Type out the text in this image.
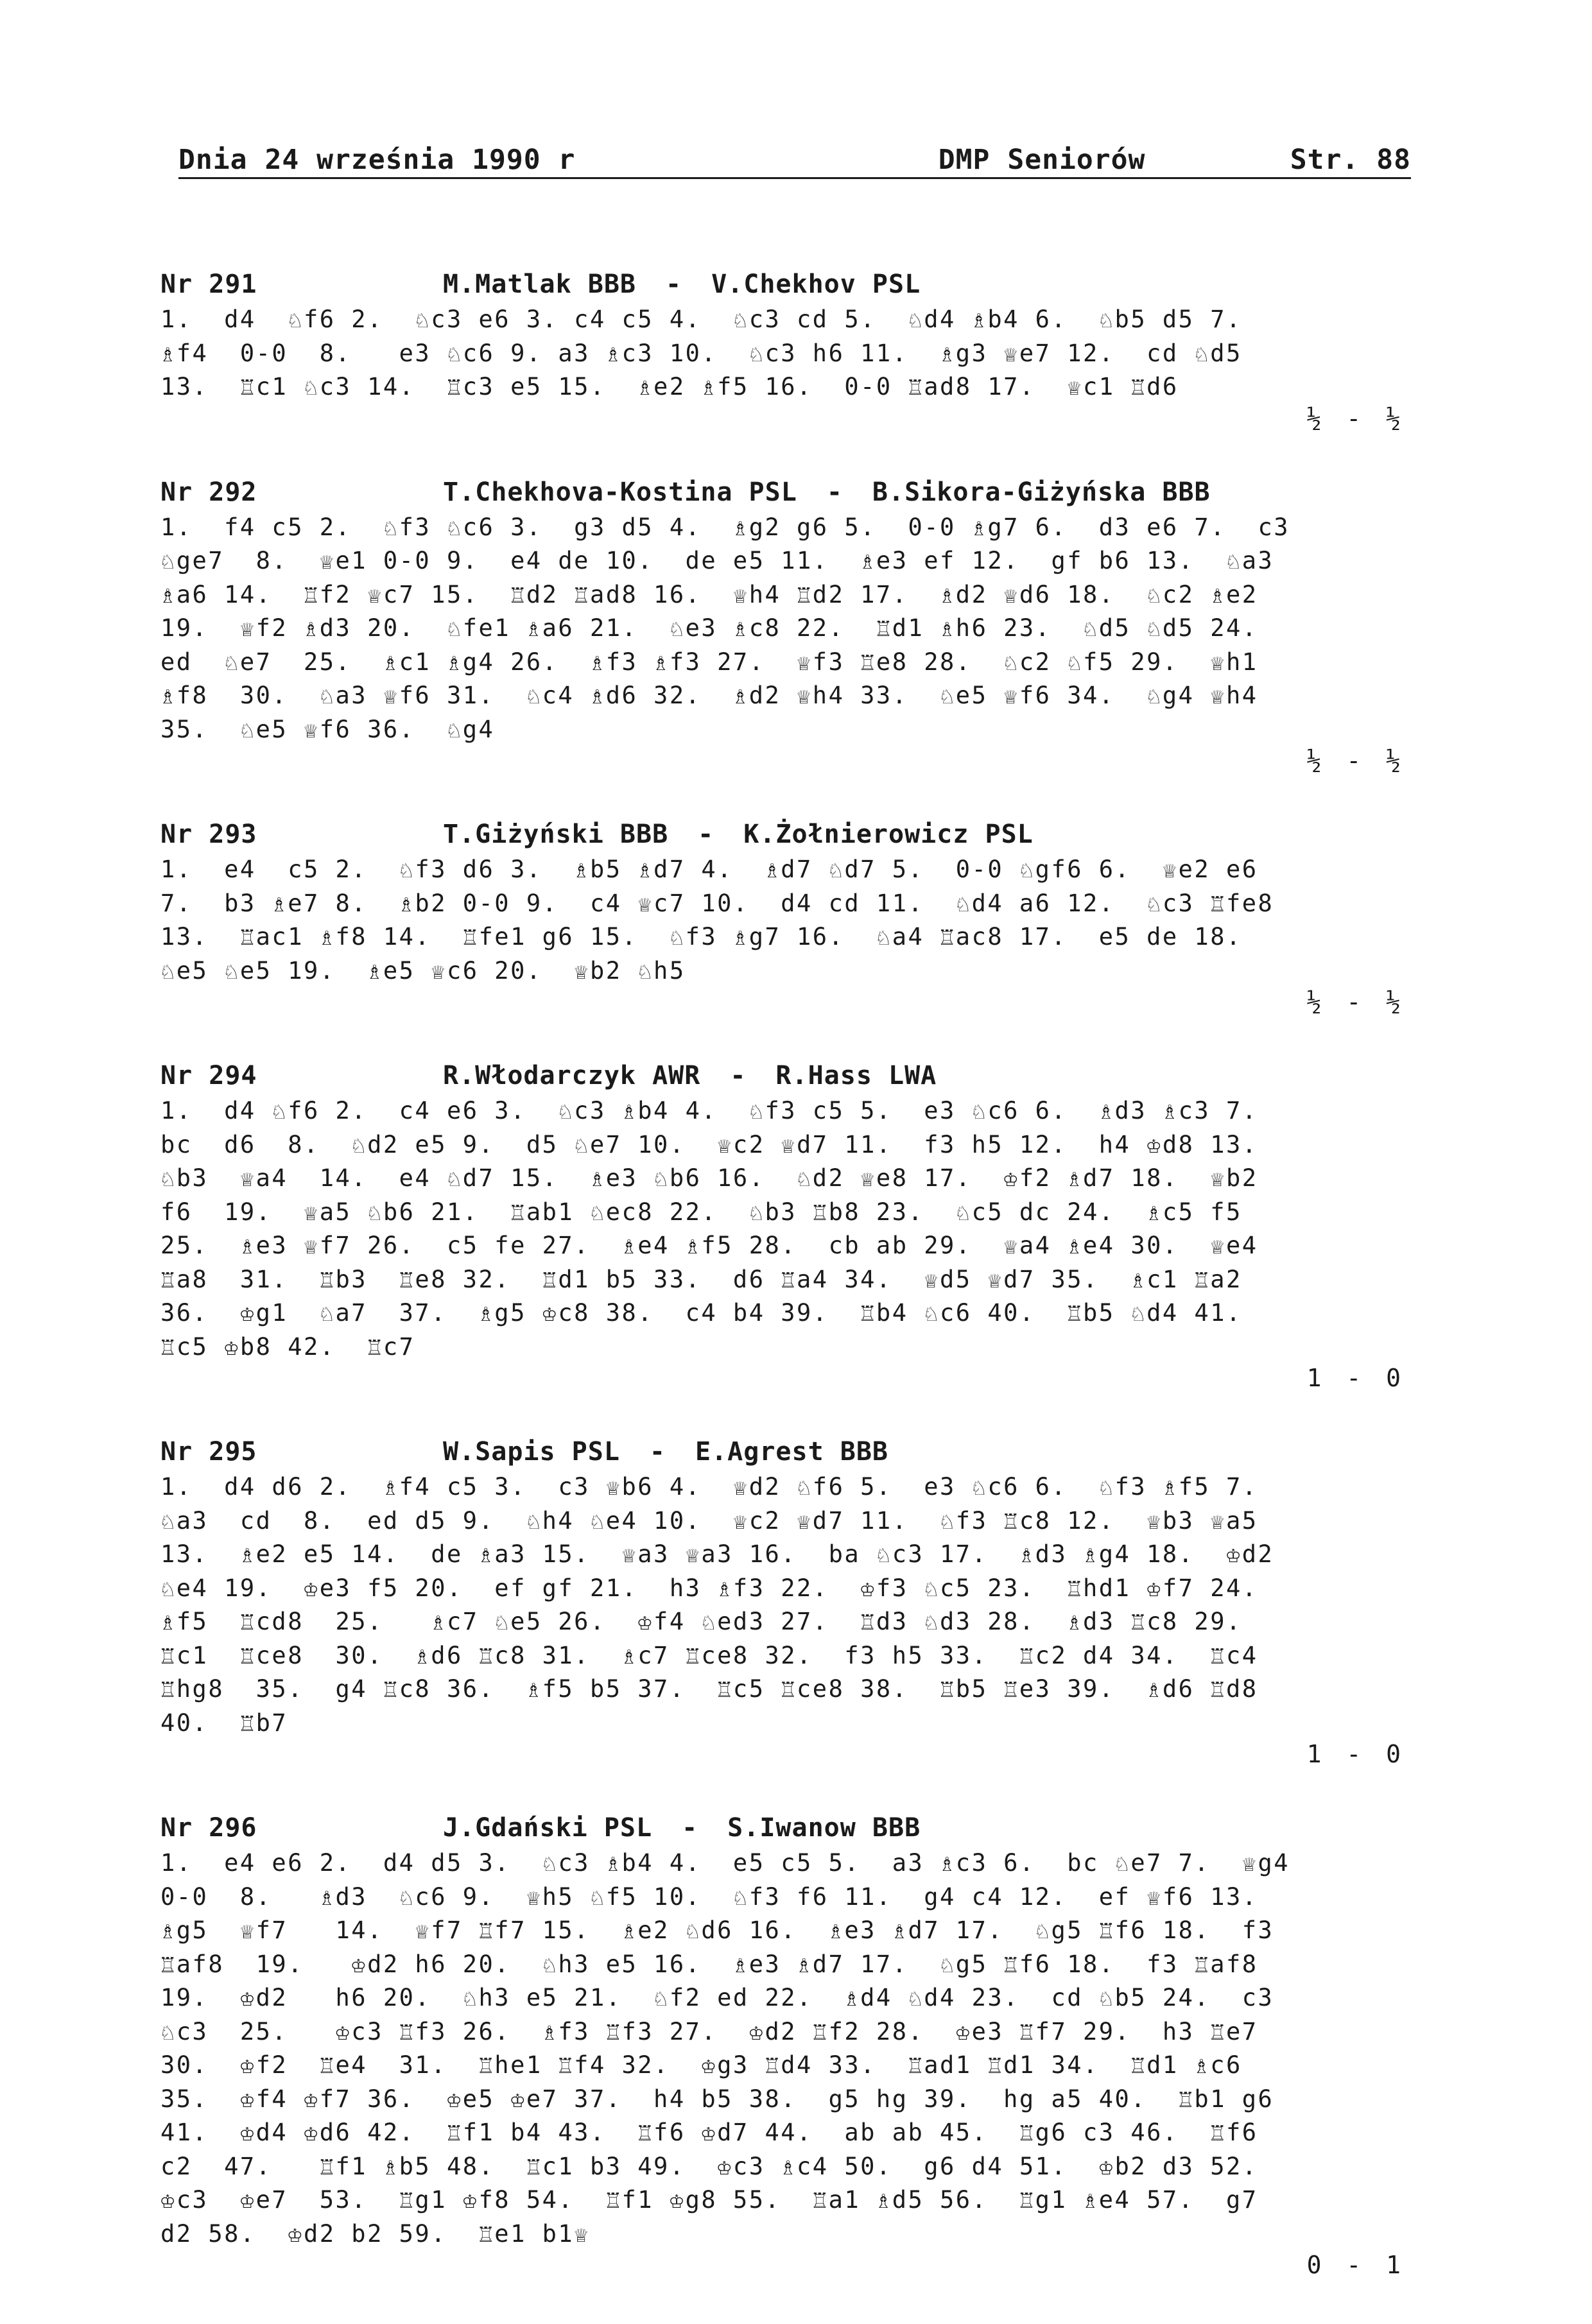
Dnia 24 września 1990 r	DMP Seniorów	Str. 88
Nr 291	M.Matlak BBB - V.Chekhov PSL
1.  d4  ♘f6 2.  ♘c3 e6 3. c4 c5 4.  ♘c3 cd 5.  ♘d4 ♗b4 6.  ♘b5 d5 7.
♗f4  0-0  8.   e3 ♘c6 9. a3 ♗c3 10.  ♘c3 h6 11.  ♗g3 ♕e7 12.  cd ♘d5
13.  ♖c1 ♘c3 14.  ♖c3 e5 15.  ♗e2 ♗f5 16.  0-0 ♖ad8 17.  ♕c1 ♖d6
½ - ½
Nr 292	T.Chekhova-Kostina PSL - B.Sikora-Giżyńska BBB
1.  f4 c5 2.  ♘f3 ♘c6 3.  g3 d5 4.  ♗g2 g6 5.  0-0 ♗g7 6.  d3 e6 7.  c3
♘ge7  8.  ♕e1 0-0 9.  e4 de 10.  de e5 11.  ♗e3 ef 12.  gf b6 13.  ♘a3
♗a6 14.  ♖f2 ♕c7 15.  ♖d2 ♖ad8 16.  ♕h4 ♖d2 17.  ♗d2 ♕d6 18.  ♘c2 ♗e2
19.  ♕f2 ♗d3 20.  ♘fe1 ♗a6 21.  ♘e3 ♗c8 22.  ♖d1 ♗h6 23.  ♘d5 ♘d5 24.
ed  ♘e7  25.  ♗c1 ♗g4 26.  ♗f3 ♗f3 27.  ♕f3 ♖e8 28.  ♘c2 ♘f5 29.  ♕h1
♗f8  30.  ♘a3 ♕f6 31.  ♘c4 ♗d6 32.  ♗d2 ♕h4 33.  ♘e5 ♕f6 34.  ♘g4 ♕h4
35.  ♘e5 ♕f6 36.  ♘g4
½ - ½
Nr 293	T.Giżyński BBB - K.Żołnierowicz PSL
1.  e4  c5 2.  ♘f3 d6 3.  ♗b5 ♗d7 4.  ♗d7 ♘d7 5.  0-0 ♘gf6 6.  ♕e2 e6
7.  b3 ♗e7 8.  ♗b2 0-0 9.  c4 ♕c7 10.  d4 cd 11.  ♘d4 a6 12.  ♘c3 ♖fe8
13.  ♖ac1 ♗f8 14.  ♖fe1 g6 15.  ♘f3 ♗g7 16.  ♘a4 ♖ac8 17.  e5 de 18.
♘e5 ♘e5 19.  ♗e5 ♕c6 20.  ♕b2 ♘h5
½ - ½
Nr 294	R.Włodarczyk AWR - R.Hass LWA
1.  d4 ♘f6 2.  c4 e6 3.  ♘c3 ♗b4 4.  ♘f3 c5 5.  e3 ♘c6 6.  ♗d3 ♗c3 7.
bc  d6  8.  ♘d2 e5 9.  d5 ♘e7 10.  ♕c2 ♕d7 11.  f3 h5 12.  h4 ♔d8 13.
♘b3  ♕a4  14.  e4 ♘d7 15.  ♗e3 ♘b6 16.  ♘d2 ♕e8 17.  ♔f2 ♗d7 18.  ♕b2
f6  19.  ♕a5 ♘b6 21.  ♖ab1 ♘ec8 22.  ♘b3 ♖b8 23.  ♘c5 dc 24.  ♗c5 f5
25.  ♗e3 ♕f7 26.  c5 fe 27.  ♗e4 ♗f5 28.  cb ab 29.  ♕a4 ♗e4 30.  ♕e4
♖a8  31.  ♖b3  ♖e8 32.  ♖d1 b5 33.  d6 ♖a4 34.  ♕d5 ♕d7 35.  ♗c1 ♖a2
36.  ♔g1  ♘a7  37.  ♗g5 ♔c8 38.  c4 b4 39.  ♖b4 ♘c6 40.  ♖b5 ♘d4 41.
♖c5 ♔b8 42.  ♖c7
1 - 0
Nr 295	W.Sapis PSL - E.Agrest BBB
1.  d4 d6 2.  ♗f4 c5 3.  c3 ♕b6 4.  ♕d2 ♘f6 5.  e3 ♘c6 6.  ♘f3 ♗f5 7.
♘a3  cd  8.  ed d5 9.  ♘h4 ♘e4 10.  ♕c2 ♕d7 11.  ♘f3 ♖c8 12.  ♕b3 ♕a5
13.  ♗e2 e5 14.  de ♗a3 15.  ♕a3 ♕a3 16.  ba ♘c3 17.  ♗d3 ♗g4 18.  ♔d2
♘e4 19.  ♔e3 f5 20.  ef gf 21.  h3 ♗f3 22.  ♔f3 ♘c5 23.  ♖hd1 ♔f7 24.
♗f5  ♖cd8  25.   ♗c7 ♘e5 26.  ♔f4 ♘ed3 27.  ♖d3 ♘d3 28.  ♗d3 ♖c8 29.
♖c1  ♖ce8  30.  ♗d6 ♖c8 31.  ♗c7 ♖ce8 32.  f3 h5 33.  ♖c2 d4 34.  ♖c4
♖hg8  35.  g4 ♖c8 36.  ♗f5 b5 37.  ♖c5 ♖ce8 38.  ♖b5 ♖e3 39.  ♗d6 ♖d8
40.  ♖b7
1 - 0
Nr 296	J.Gdański PSL - S.Iwanow BBB
1.  e4 e6 2.  d4 d5 3.  ♘c3 ♗b4 4.  e5 c5 5.  a3 ♗c3 6.  bc ♘e7 7.  ♕g4
0-0  8.   ♗d3  ♘c6 9.  ♕h5 ♘f5 10.  ♘f3 f6 11.  g4 c4 12.  ef ♕f6 13.
♗g5  ♕f7   14.  ♕f7 ♖f7 15.  ♗e2 ♘d6 16.  ♗e3 ♗d7 17.  ♘g5 ♖f6 18.  f3
♖af8  19.   ♔d2 h6 20.  ♘h3 e5 16.  ♗e3 ♗d7 17.  ♘g5 ♖f6 18.  f3 ♖af8
19.  ♔d2   h6 20.  ♘h3 e5 21.  ♘f2 ed 22.  ♗d4 ♘d4 23.  cd ♘b5 24.  c3
♘c3  25.   ♔c3 ♖f3 26.  ♗f3 ♖f3 27.  ♔d2 ♖f2 28.  ♔e3 ♖f7 29.  h3 ♖e7
30.  ♔f2  ♖e4  31.  ♖he1 ♖f4 32.  ♔g3 ♖d4 33.  ♖ad1 ♖d1 34.  ♖d1 ♗c6
35.  ♔f4 ♔f7 36.  ♔e5 ♔e7 37.  h4 b5 38.  g5 hg 39.  hg a5 40.  ♖b1 g6
41.  ♔d4 ♔d6 42.  ♖f1 b4 43.  ♖f6 ♔d7 44.  ab ab 45.  ♖g6 c3 46.  ♖f6
c2  47.   ♖f1 ♗b5 48.  ♖c1 b3 49.  ♔c3 ♗c4 50.  g6 d4 51.  ♔b2 d3 52.
♔c3  ♔e7  53.  ♖g1 ♔f8 54.  ♖f1 ♔g8 55.  ♖a1 ♗d5 56.  ♖g1 ♗e4 57.  g7
d2 58.  ♔d2 b2 59.  ♖e1 b1♕
0 - 1
